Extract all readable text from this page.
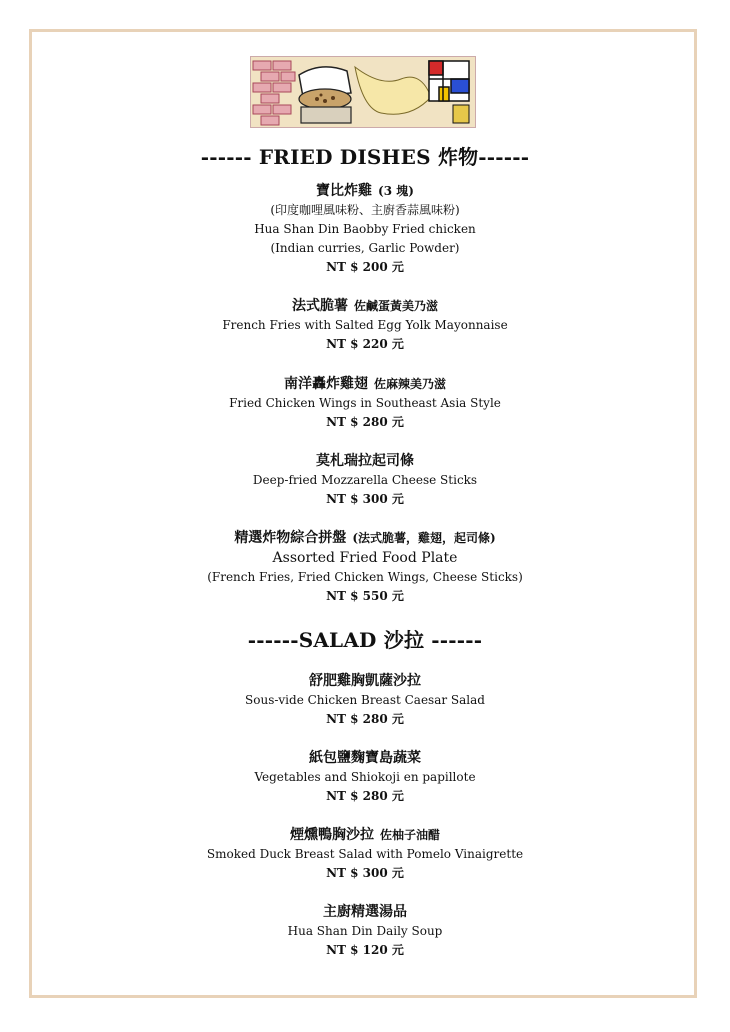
------ FRIED DISHES 炸物------
寶比炸雞 (3 塊)
(印度咖哩風味粉、主廚香蒜風味粉)
Hua Shan Din Baobby Fried chicken
(Indian curries, Garlic Powder)
NT $ 200 元
法式脆薯 佐鹹蛋黃美乃滋
French Fries with Salted Egg Yolk Mayonnaise
NT $ 220 元
南洋轟炸雞翅 佐麻辣美乃滋
Fried Chicken Wings in Southeast Asia Style
NT $ 280 元
莫札瑞拉起司條
Deep-fried Mozzarella Cheese Sticks
NT $ 300 元
精選炸物綜合拼盤 (法式脆薯，雞翅，起司條)
Assorted Fried Food Plate
(French Fries, Fried Chicken Wings, Cheese Sticks)
NT $ 550 元
------SALAD 沙拉 ------
舒肥雞胸凱薩沙拉
Sous-vide Chicken Breast Caesar Salad
NT $ 280 元
紙包鹽麴寶島蔬菜
Vegetables and Shiokoji en papillote
NT $ 280 元
煙燻鴨胸沙拉 佐柚子油醋
Smoked Duck Breast Salad with Pomelo Vinaigrette
NT $ 300 元
主廚精選湯品
Hua Shan Din Daily Soup
NT $ 120 元
